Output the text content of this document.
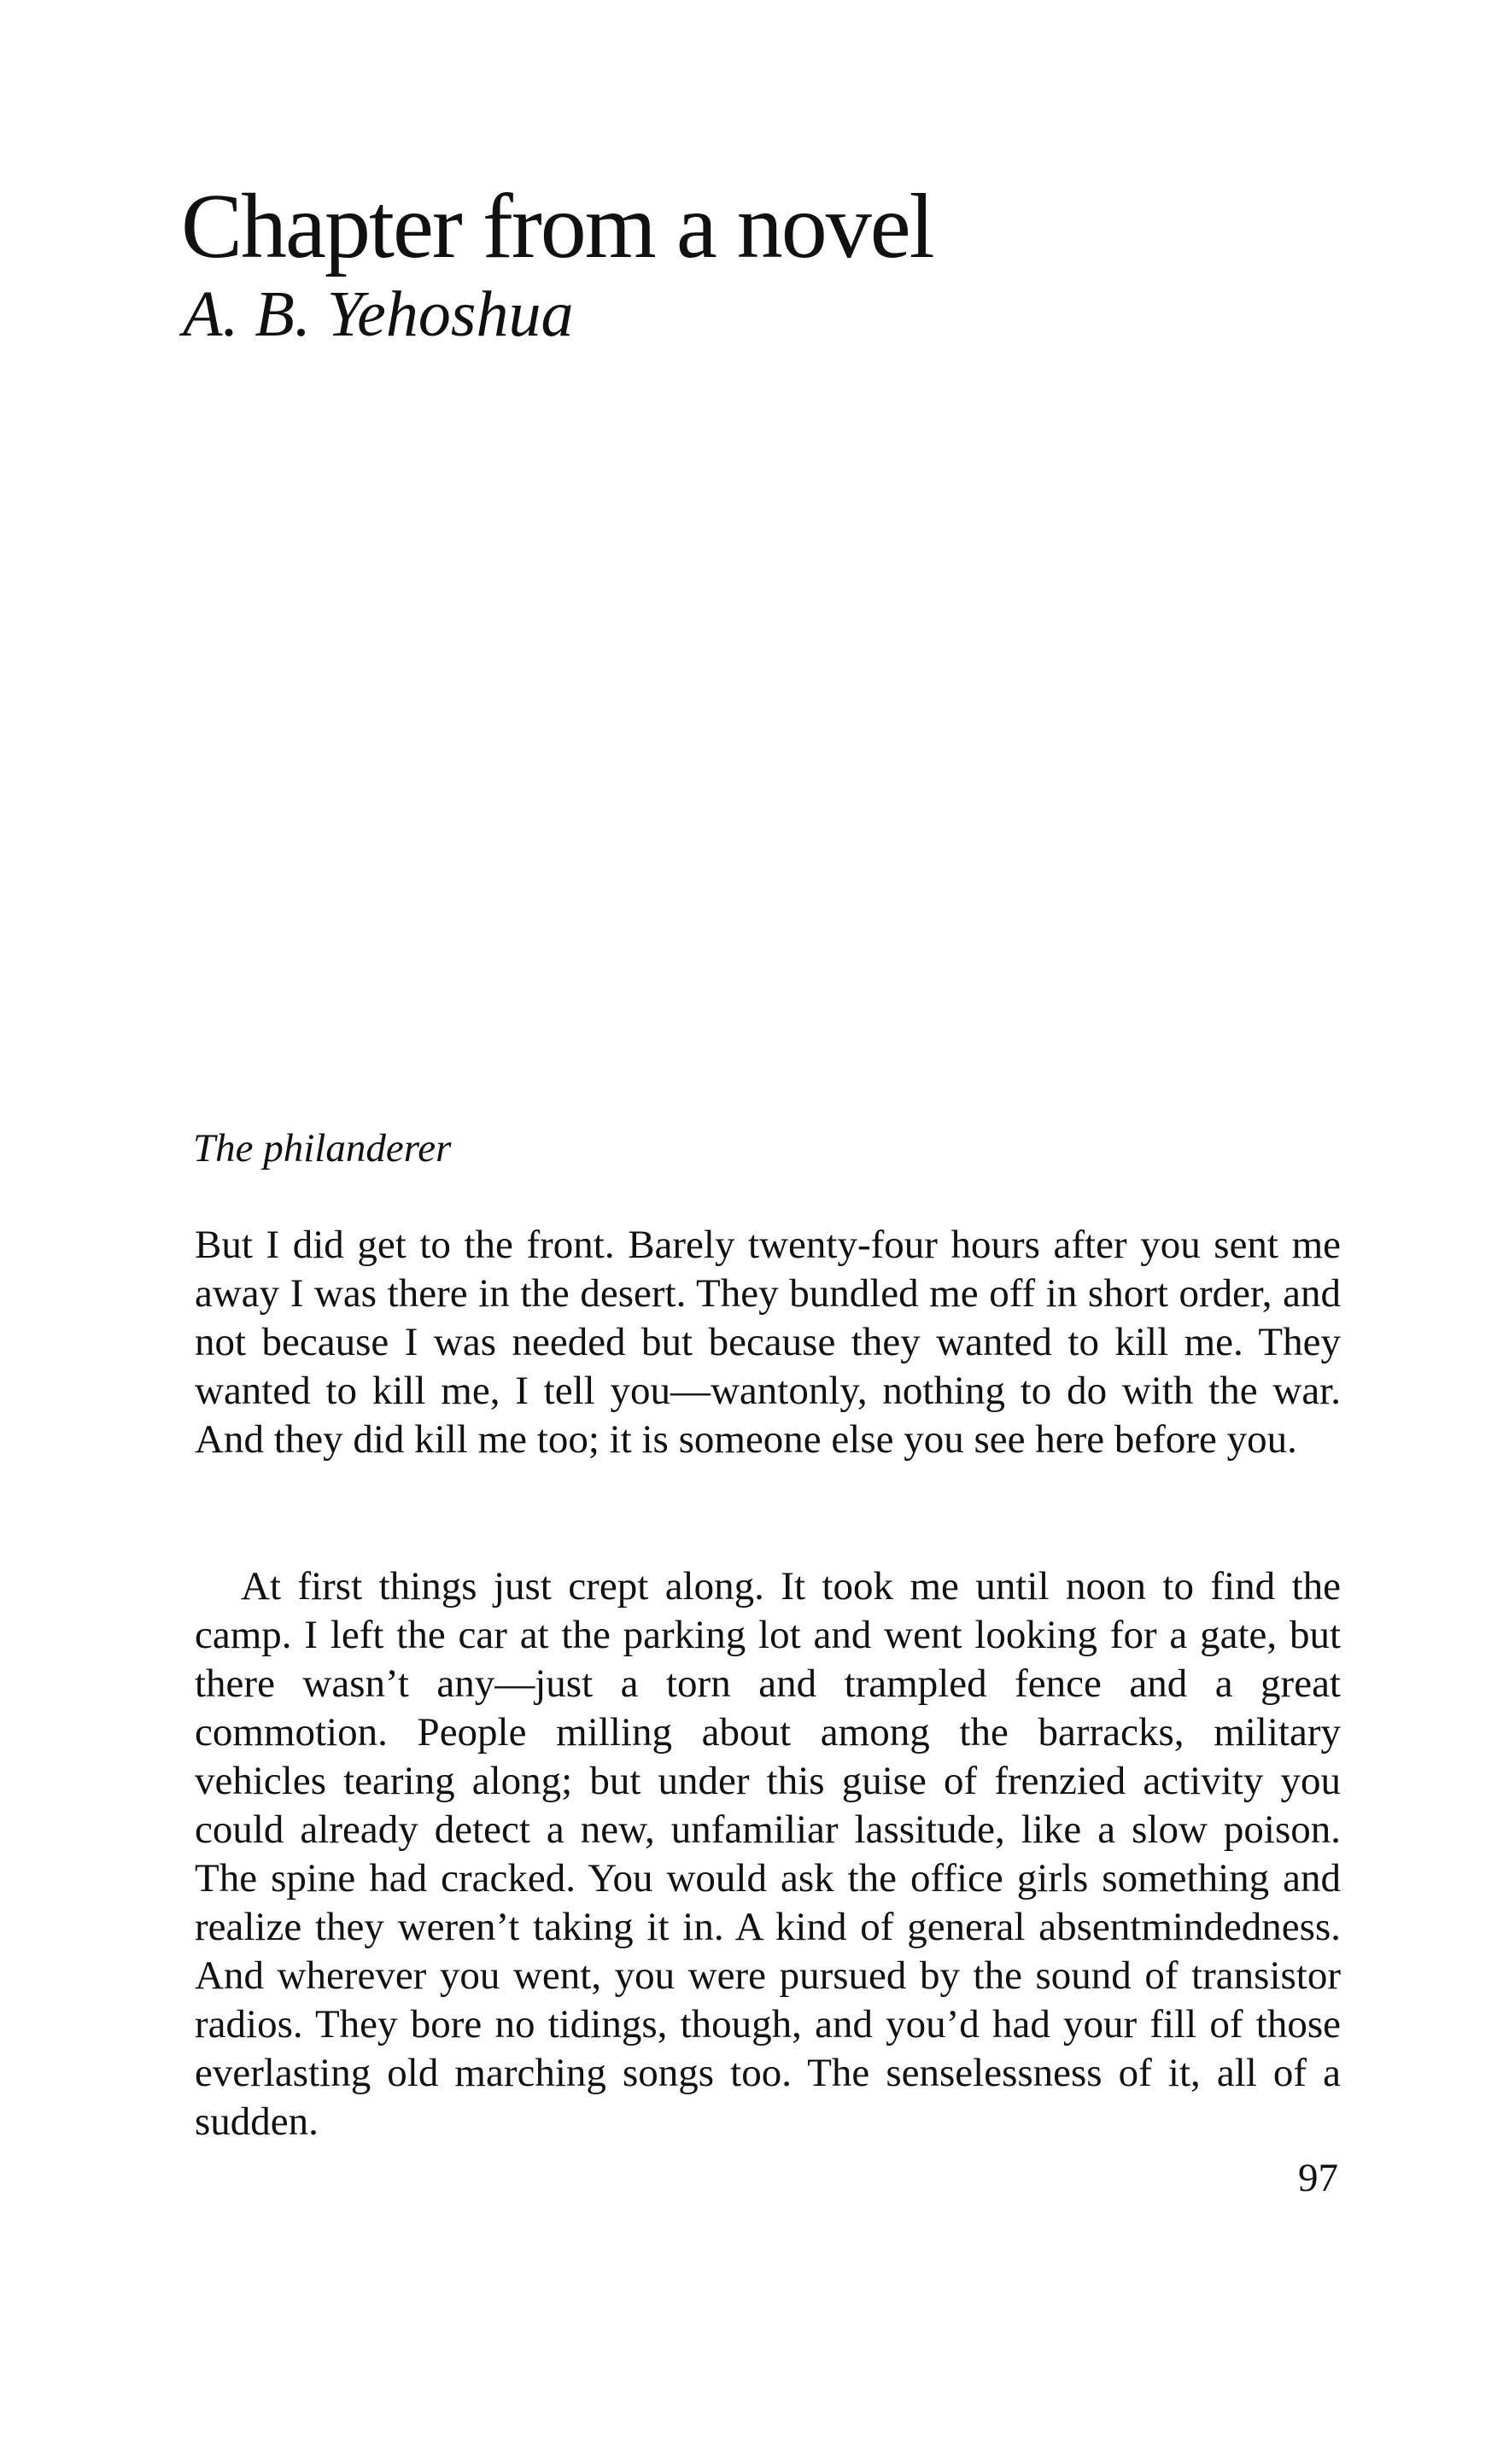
Chapter from a novel
A. B. Yehoshua
The philanderer

But I did get to the front. Barely twenty-four hours after you sent me away I was there in the desert. They bundled me off in short order, and not because I was needed but because they wanted to kill me. They wanted to kill me, I tell you—wantonly, nothing to do with the war. And they did kill me too; it is someone else you see here before you.

At first things just crept along. It took me until noon to find the camp. I left the car at the parking lot and went looking for a gate, but there wasn’t any—just a torn and trampled fence and a great commotion. People milling about among the barracks, military vehicles tearing along; but under this guise of frenzied activity you could already detect a new, unfamiliar lassitude, like a slow poison. The spine had cracked. You would ask the office girls something and realize they weren’t taking it in. A kind of general absentmindedness. And wherever you went, you were pursued by the sound of transistor radios. They bore no tidings, though, and you’d had your fill of those everlasting old marching songs too. The senselessness of it, all of a sudden.

97
